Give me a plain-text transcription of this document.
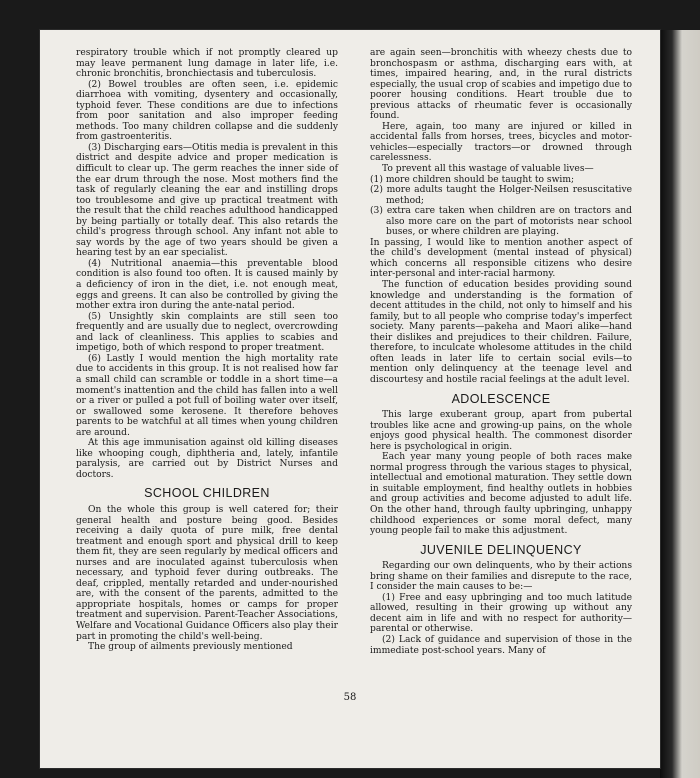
respiratory trouble which if not promptly cleared up may leave permanent lung damage in later life, i.e. chronic bronchitis, bronchiectasis and tuberculosis.

(2) Bowel troubles are often seen, i.e. epidemic diarrhoea with vomiting, dysentery and occasionally, typhoid fever. These conditions are due to infections from poor sanitation and also improper feeding methods. Too many children collapse and die suddenly from gastroenteritis.

(3) Discharging ears—Otitis media is prevalent in this district and despite advice and proper medication is difficult to clear up. The germ reaches the inner side of the ear drum through the nose. Most mothers find the task of regularly cleaning the ear and instilling drops too troublesome and give up practical treatment with the result that the child reaches adulthood handicapped by being partially or totally deaf. This also retards the child's progress through school. Any infant not able to say words by the age of two years should be given a hearing test by an ear specialist.

(4) Nutritional anaemia—this preventable blood condition is also found too often. It is caused mainly by a deficiency of iron in the diet, i.e. not enough meat, eggs and greens. It can also be controlled by giving the mother extra iron during the ante-natal period.

(5) Unsightly skin complaints are still seen too frequently and are usually due to neglect, overcrowding and lack of cleanliness. This applies to scabies and impetigo, both of which respond to proper treatment.

(6) Lastly I would mention the high mortality rate due to accidents in this group. It is not realised how far a small child can scramble or toddle in a short time—a moment's inattention and the child has fallen into a well or a river or pulled a pot full of boiling water over itself, or swallowed some kerosene. It therefore behoves parents to be watchful at all times when young children are around.

At this age immunisation against old killing diseases like whooping cough, diphtheria and, lately, infantile paralysis, are carried out by District Nurses and doctors.

SCHOOL CHILDREN

On the whole this group is well catered for; their general health and posture being good. Besides receiving a daily quota of pure milk, free dental treatment and enough sport and physical drill to keep them fit, they are seen regularly by medical officers and nurses and are inoculated against tuberculosis when necessary, and typhoid fever during outbreaks. The deaf, crippled, mentally retarded and under-nourished are, with the consent of the parents, admitted to the appropriate hospitals, homes or camps for proper treatment and supervision. Parent-Teacher Associations, Welfare and Vocational Guidance Officers also play their part in promoting the child's well-being.

The group of ailments previously mentioned

are again seen—bronchitis with wheezy chests due to bronchospasm or asthma, discharging ears with, at times, impaired hearing, and, in the rural districts especially, the usual crop of scabies and impetigo due to poorer housing conditions. Heart trouble due to previous attacks of rheumatic fever is occasionally found.

Here, again, too many are injured or killed in accidental falls from horses, trees, bicycles and motor-vehicles—especially tractors—or drowned through carelessness.

To prevent all this wastage of valuable lives—

(1) more children should be taught to swim;

(2) more adults taught the Holger-Neilsen resuscitative method;

(3) extra care taken when children are on tractors and also more care on the part of motorists near school buses, or where children are playing.

In passing, I would like to mention another aspect of the child's development (mental instead of physical) which concerns all responsible citizens who desire inter-personal and inter-racial harmony.

The function of education besides providing sound knowledge and understanding is the formation of decent attitudes in the child, not only to himself and his family, but to all people who comprise today's imperfect society. Many parents—pakeha and Maori alike—hand their dislikes and prejudices to their children. Failure, therefore, to inculcate wholesome attitudes in the child often leads in later life to certain social evils—to mention only delinquency at the teenage level and discourtesy and hostile racial feelings at the adult level.

ADOLESCENCE

This large exuberant group, apart from pubertal troubles like acne and growing-up pains, on the whole enjoys good physical health. The commonest disorder here is psychological in origin.

Each year many young people of both races make normal progress through the various stages to physical, intellectual and emotional maturation. They settle down in suitable employment, find healthy outlets in hobbies and group activities and become adjusted to adult life. On the other hand, through faulty upbringing, unhappy childhood experiences or some moral defect, many young people fail to make this adjustment.

JUVENILE DELINQUENCY

Regarding our own delinquents, who by their actions bring shame on their families and disrepute to the race, I consider the main causes to be:—

(1) Free and easy upbringing and too much latitude allowed, resulting in their growing up without any decent aim in life and with no respect for authority—parental or otherwise.

(2) Lack of guidance and supervision of those in the immediate post-school years. Many of

58
